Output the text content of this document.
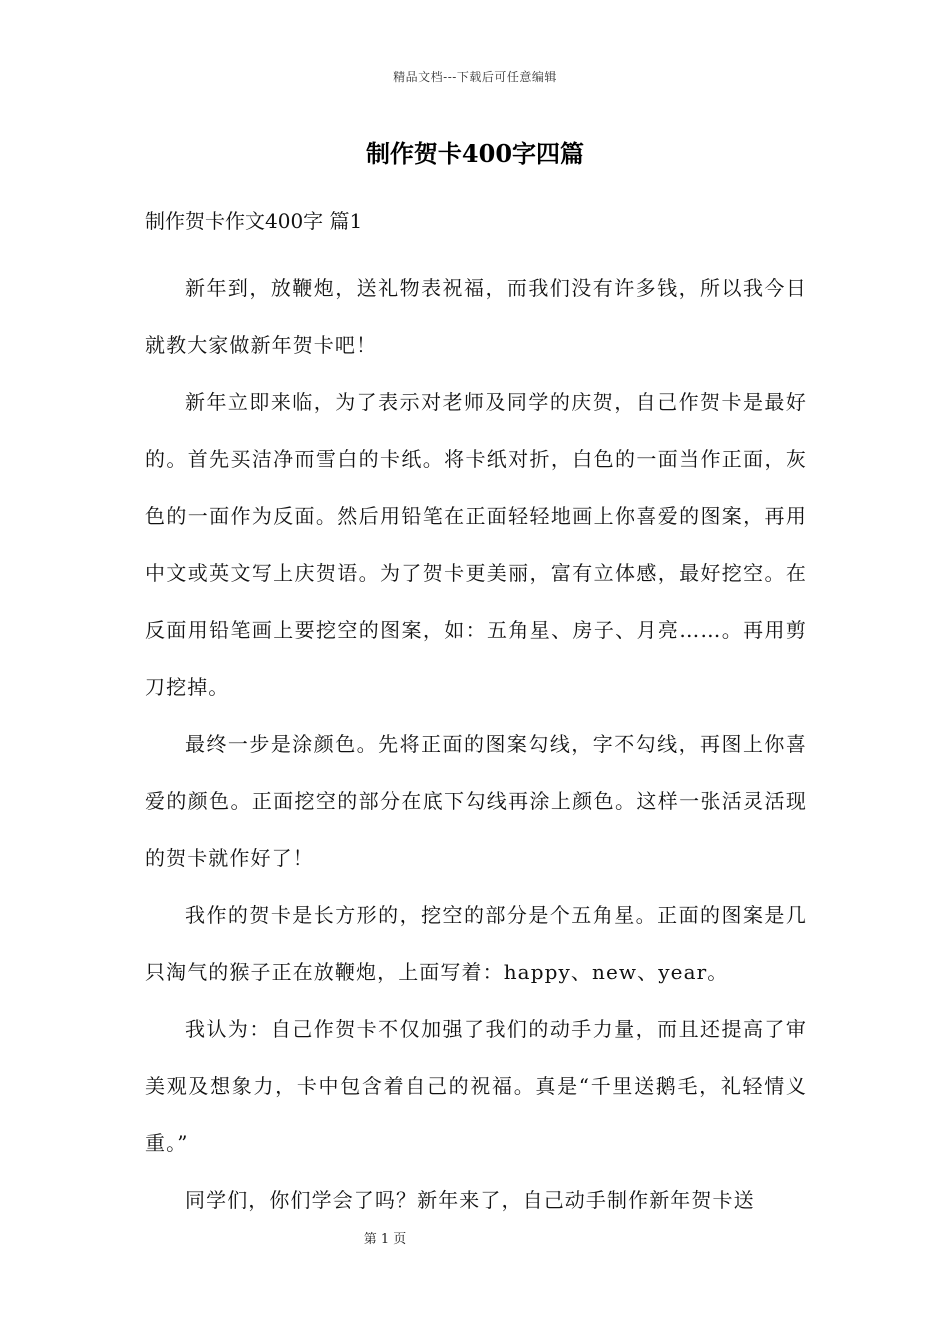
精品文档---下载后可任意编辑
制作贺卡400字四篇
制作贺卡作文400字 篇1

新年到，放鞭炮，送礼物表祝福，而我们没有许多钱，所以我今日就教大家做新年贺卡吧！

新年立即来临，为了表示对老师及同学的庆贺，自己作贺卡是最好的。首先买洁净而雪白的卡纸。将卡纸对折，白色的一面当作正面，灰色的一面作为反面。然后用铅笔在正面轻轻地画上你喜爱的图案，再用中文或英文写上庆贺语。为了贺卡更美丽，富有立体感，最好挖空。在反面用铅笔画上要挖空的图案，如：五角星、房子、月亮……。再用剪刀挖掉。

最终一步是涂颜色。先将正面的图案勾线，字不勾线，再图上你喜爱的颜色。正面挖空的部分在底下勾线再涂上颜色。这样一张活灵活现的贺卡就作好了！

我作的贺卡是长方形的，挖空的部分是个五角星。正面的图案是几只淘气的猴子正在放鞭炮，上面写着：happy、new、year。

我认为：自己作贺卡不仅加强了我们的动手力量，而且还提高了审美观及想象力，卡中包含着自己的祝福。真是“千里送鹅毛，礼轻情义重。”

同学们，你们学会了吗？新年来了，自己动手制作新年贺卡送

第 1 页
